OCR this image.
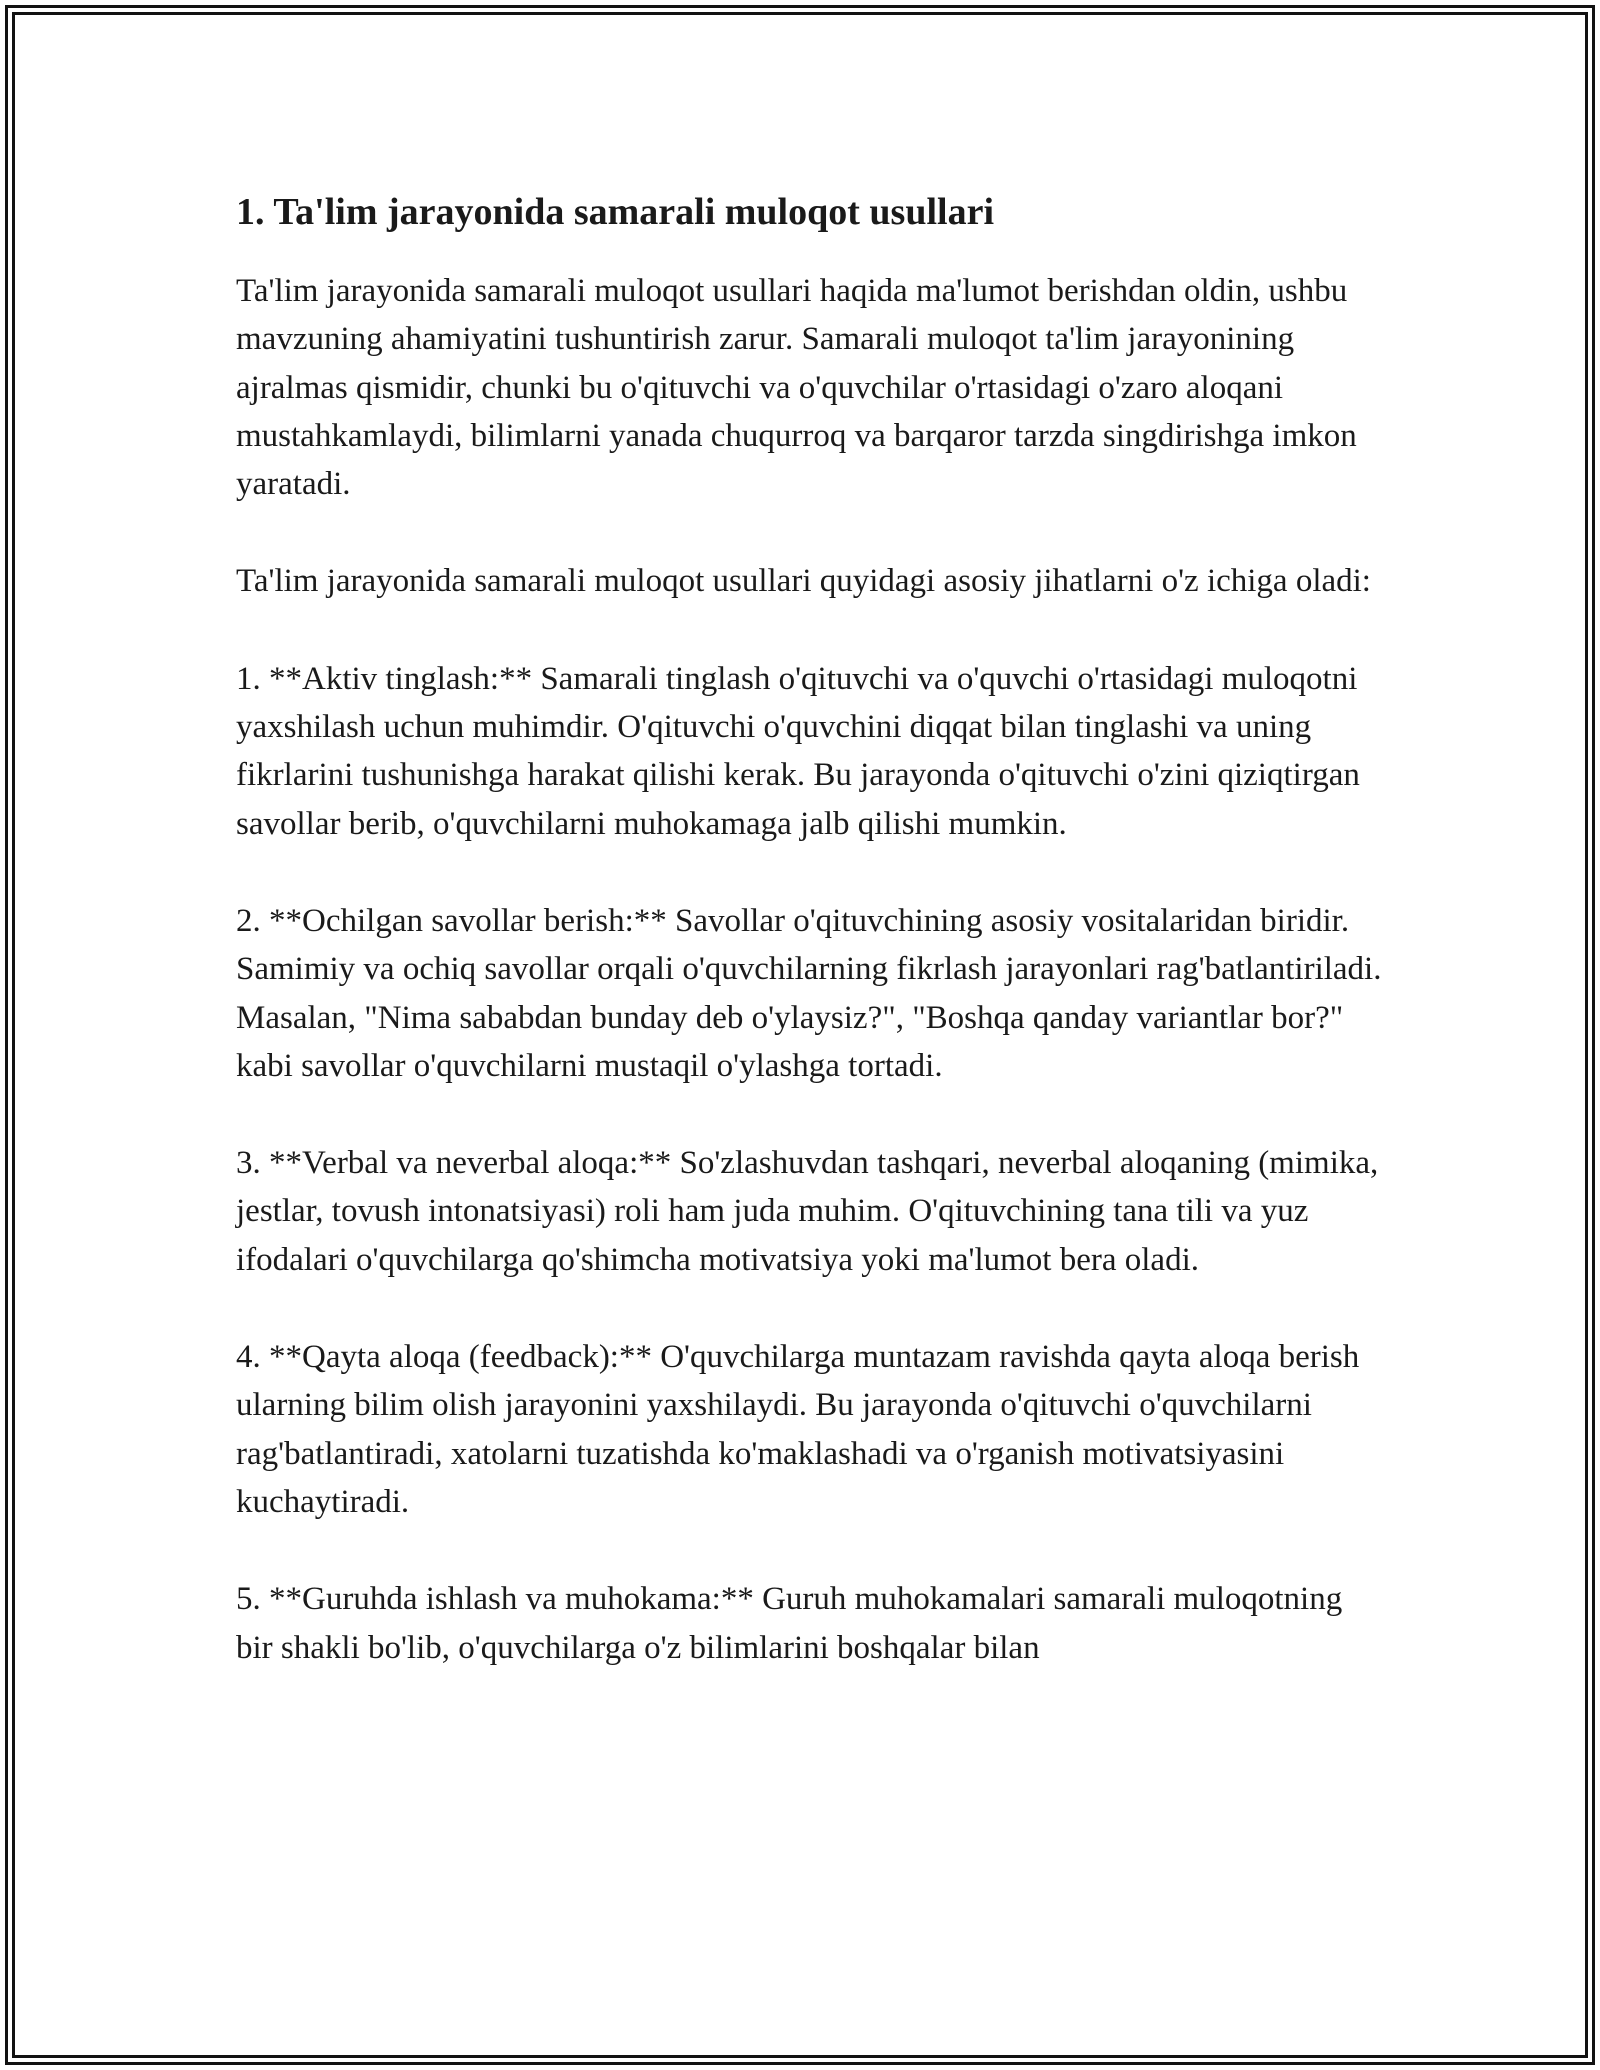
1. Ta'lim jarayonida samarali muloqot usullari

Ta'lim jarayonida samarali muloqot usullari haqida ma'lumot berishdan oldin, ushbu mavzuning ahamiyatini tushuntirish zarur. Samarali muloqot ta'lim jarayonining ajralmas qismidir, chunki bu o'qituvchi va o'quvchilar o'rtasidagi o'zaro aloqani mustahkamlaydi, bilimlarni yanada chuqurroq va barqaror tarzda singdirishga imkon yaratadi.

Ta'lim jarayonida samarali muloqot usullari quyidagi asosiy jihatlarni o'z ichiga oladi:

1. **Aktiv tinglash:** Samarali tinglash o'qituvchi va o'quvchi o'rtasidagi muloqotni yaxshilash uchun muhimdir. O'qituvchi o'quvchini diqqat bilan tinglashi va uning fikrlarini tushunishga harakat qilishi kerak. Bu jarayonda o'qituvchi o'zini qiziqtirgan savollar berib, o'quvchilarni muhokamaga jalb qilishi mumkin.

2. **Ochilgan savollar berish:** Savollar o'qituvchining asosiy vositalaridan biridir. Samimiy va ochiq savollar orqali o'quvchilarning fikrlash jarayonlari rag'batlantiriladi. Masalan, "Nima sababdan bunday deb o'ylaysiz?", "Boshqa qanday variantlar bor?" kabi savollar o'quvchilarni mustaqil o'ylashga tortadi.

3. **Verbal va neverbal aloqa:** So'zlashuvdan tashqari, neverbal aloqaning (mimika, jestlar, tovush intonatsiyasi) roli ham juda muhim. O'qituvchining tana tili va yuz ifodalari o'quvchilarga qo'shimcha motivatsiya yoki ma'lumot bera oladi.

4. **Qayta aloqa (feedback):** O'quvchilarga muntazam ravishda qayta aloqa berish ularning bilim olish jarayonini yaxshilaydi. Bu jarayonda o'qituvchi o'quvchilarni rag'batlantiradi, xatolarni tuzatishda ko'maklashadi va o'rganish motivatsiyasini kuchaytiradi.

5. **Guruhda ishlash va muhokama:** Guruh muhokamalari samarali muloqotning bir shakli bo'lib, o'quvchilarga o'z bilimlarini boshqalar bilan
